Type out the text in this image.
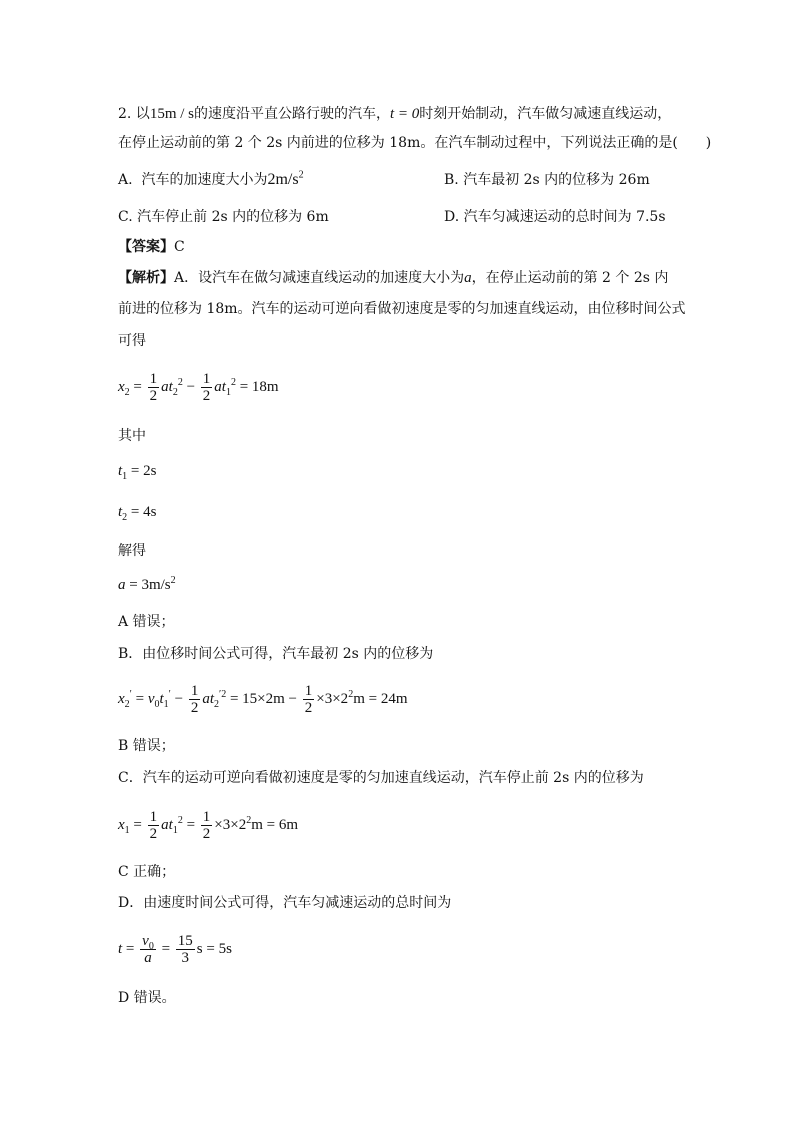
2. 以15m / s的速度沿平直公路行驶的汽车，t = 0时刻开始制动，汽车做匀减速直线运动，
在停止运动前的第 2 个 2s 内前进的位移为 18m。在汽车制动过程中，下列说法正确的是(　　)
A. 汽车的加速度大小为$2m/s^2$	B. 汽车最初 2s 内的位移为 26m
C. 汽车停止前 2s 内的位移为 6m	D. 汽车匀减速运动的总时间为 7.5s
【答案】C
【解析】A．设汽车在做匀减速直线运动的加速度大小为a，在停止运动前的第 2 个 2s 内
前进的位移为 18m。汽车的运动可逆向看做初速度是零的匀加速直线运动，由位移时间公式
可得
$x_2 = \frac{1}{2} at_2^2 - \frac{1}{2} at_1^2 = 18m$
其中
$t_1 = 2s$
$t_2 = 4s$
解得
$a = 3m/s^2$
A 错误；
B．由位移时间公式可得，汽车最初 2s 内的位移为
$x_2' = v_0t_1' - \frac{1}{2} at_2^{'2} = 15\times 2m - \frac{1}{2} \times 3\times 2^2m = 24m$
B 错误；
C．汽车的运动可逆向看做初速度是零的匀加速直线运动，汽车停止前 2s 内的位移为
$x_1 = \frac{1}{2} at_1^2 = \frac{1}{2} \times 3\times 2^2m = 6m$
C 正确；
D．由速度时间公式可得，汽车匀减速运动的总时间为
$t = \frac{v_0}{a} = \frac{15}{3}$ s = 5s
D 错误。
